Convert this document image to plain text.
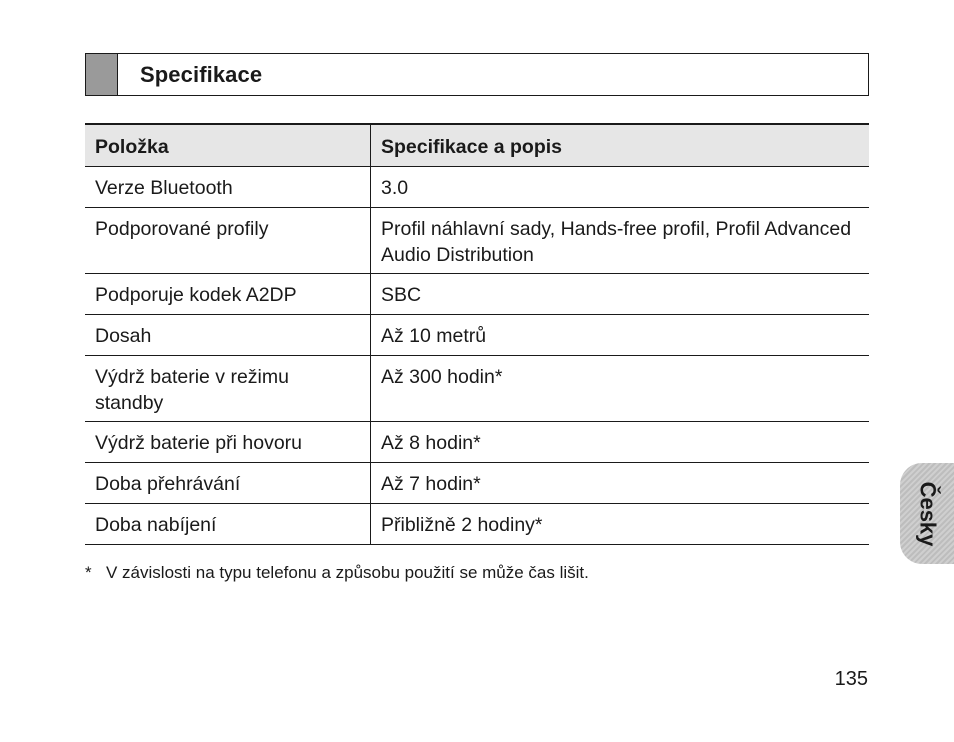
Specifikace
Položka	Specifikace a popis
Verze Bluetooth	3.0
Podporované profily	Profil náhlavní sady, Hands-free profil, Profil Advanced Audio Distribution
Podporuje kodek A2DP	SBC
Dosah	Až 10 metrů
Výdrž baterie v režimu standby	Až 300 hodin*
Výdrž baterie při hovoru	Až 8 hodin*
Doba přehrávání	Až 7 hodin*
Doba nabíjení	Přibližně 2 hodiny*
* V závislosti na typu telefonu a způsobu použití se může čas lišit.
135
Česky
